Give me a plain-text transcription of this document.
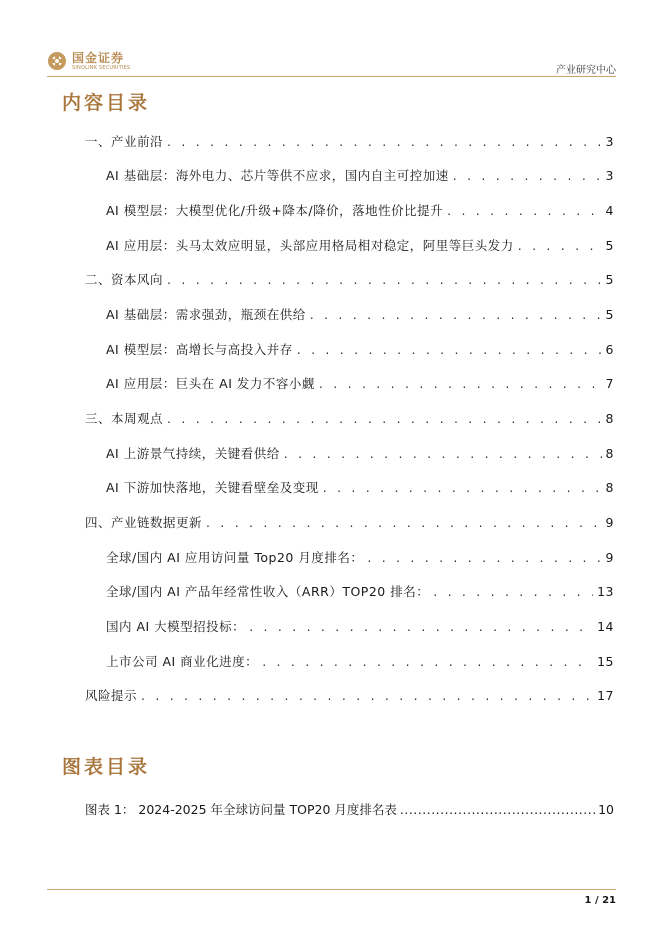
国金证券
SINOLINK SECURITIES	产业研究中心
内容目录
一、产业前沿 . . .	3
AI 基础层：海外电力、芯片等供不应求，国内自主可控加速 . . .	3
AI 模型层：大模型优化/升级+降本/降价，落地性价比提升 . . .	4
AI 应用层：头马太效应明显，头部应用格局相对稳定，阿里等巨头发力 . . .	5
二、资本风向 . . .	5
AI 基础层：需求强劲，瓶颈在供给 . . .	5
AI 模型层：高增长与高投入并存 . . .	6
AI 应用层：巨头在 AI 发力不容小觑 . . .	7
三、本周观点 . . .	8
AI 上游景气持续，关键看供给 . . .	8
AI 下游加快落地，关键看壁垒及变现 . . .	8
四、产业链数据更新 . . .	9
全球/国内 AI 应用访问量 Top20 月度排名： . . .	9
全球/国内 AI 产品年经常性收入（ARR）TOP20 排名： . . .	13
国内 AI 大模型招投标： . . .	14
上市公司 AI 商业化进度： . . .	15
风险提示 . . .	17
图表目录
图表 1： 2024-2025 年全球访问量 TOP20 月度排名表 .....	10
1 / 21
